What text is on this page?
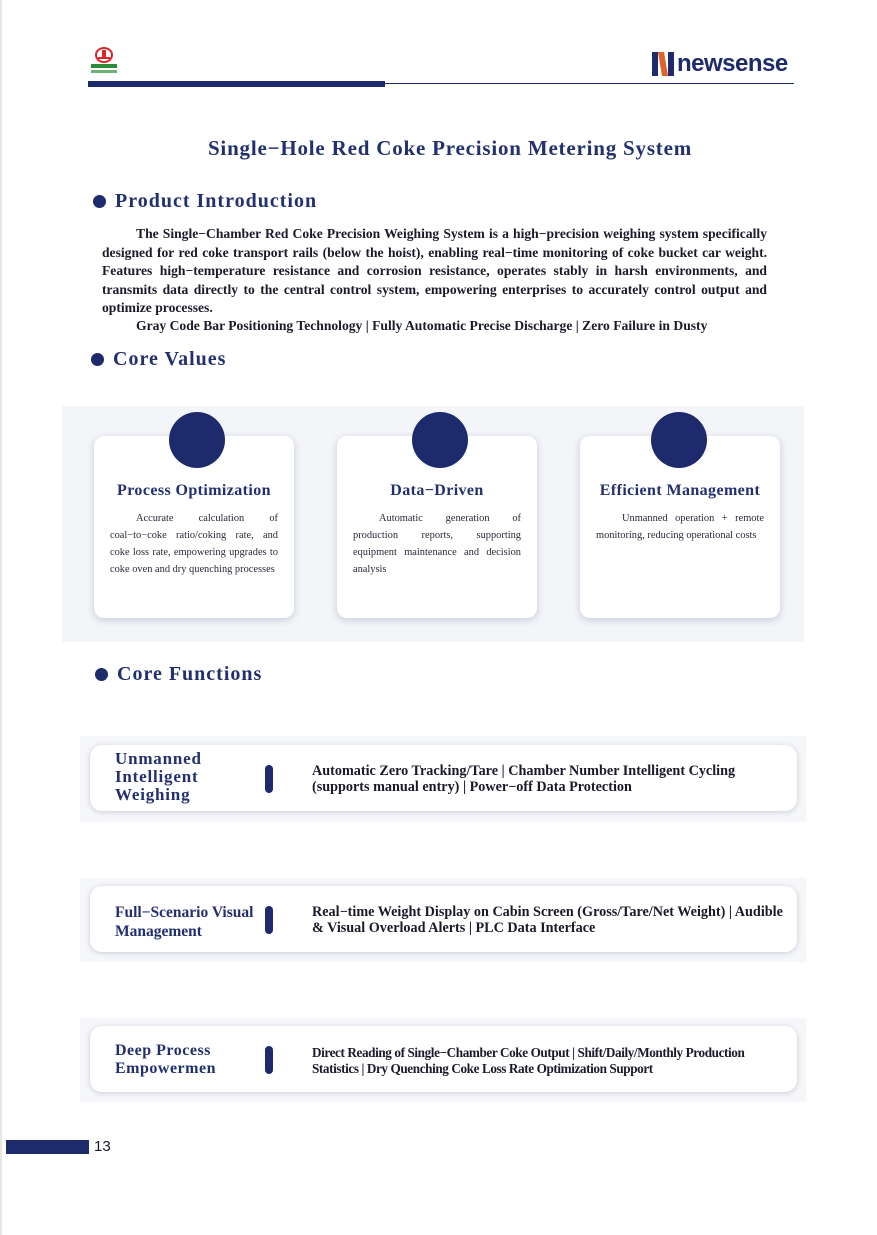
newsense
Single−Hole Red Coke Precision Metering System
Product Introduction

The Single−Chamber Red Coke Precision Weighing System is a high−precision weighing system specifically designed for red coke transport rails (below the hoist), enabling real−time monitoring of coke bucket car weight. Features high−temperature resistance and corrosion resistance, operates stably in harsh environments, and transmits data directly to the central control system, empowering enterprises to accurately control output and optimize processes.

Gray Code Bar Positioning Technology | Fully Automatic Precise Discharge | Zero Failure in Dusty
Core Values
Process Optimization
Accurate calculation of coal−to−coke ratio/coking rate, and coke loss rate, empowering upgrades to coke oven and dry quenching processes
Data−Driven
Automatic generation of production reports, supporting equipment maintenance and decision analysis
Efficient Management
Unmanned operation + remote monitoring, reducing operational costs
Core Functions
Unmanned Intelligent Weighing
Automatic Zero Tracking/Tare | Chamber Number Intelligent Cycling (supports manual entry) | Power−off Data Protection
Full−Scenario Visual Management
Real−time Weight Display on Cabin Screen (Gross/Tare/Net Weight) | Audible & Visual Overload Alerts | PLC Data Interface
Deep Process Empowermen
Direct Reading of Single−Chamber Coke Output | Shift/Daily/Monthly Production Statistics | Dry Quenching Coke Loss Rate Optimization Support
13
